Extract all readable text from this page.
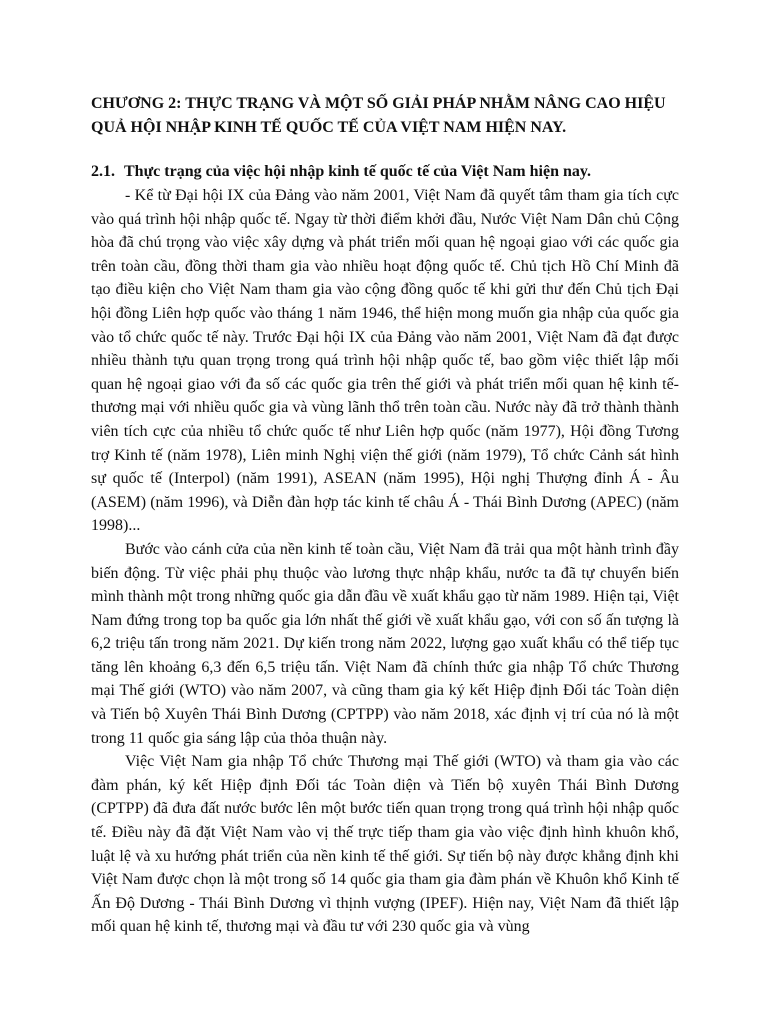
CHƯƠNG 2: THỰC TRẠNG VÀ MỘT SỐ GIẢI PHÁP NHẰM NÂNG CAO HIỆU QUẢ HỘI NHẬP KINH TẾ QUỐC TẾ CỦA VIỆT NAM HIỆN NAY.
2.1. Thực trạng của việc hội nhập kinh tế quốc tế của Việt Nam hiện nay.

- Kể từ Đại hội IX của Đảng vào năm 2001, Việt Nam đã quyết tâm tham gia tích cực vào quá trình hội nhập quốc tế. Ngay từ thời điểm khởi đầu, Nước Việt Nam Dân chủ Cộng hòa đã chú trọng vào việc xây dựng và phát triển mối quan hệ ngoại giao với các quốc gia trên toàn cầu, đồng thời tham gia vào nhiều hoạt động quốc tế. Chủ tịch Hồ Chí Minh đã tạo điều kiện cho Việt Nam tham gia vào cộng đồng quốc tế khi gửi thư đến Chủ tịch Đại hội đồng Liên hợp quốc vào tháng 1 năm 1946, thể hiện mong muốn gia nhập của quốc gia vào tổ chức quốc tế này. Trước Đại hội IX của Đảng vào năm 2001, Việt Nam đã đạt được nhiều thành tựu quan trọng trong quá trình hội nhập quốc tế, bao gồm việc thiết lập mối quan hệ ngoại giao với đa số các quốc gia trên thế giới và phát triển mối quan hệ kinh tế-thương mại với nhiều quốc gia và vùng lãnh thổ trên toàn cầu. Nước này đã trở thành thành viên tích cực của nhiều tổ chức quốc tế như Liên hợp quốc (năm 1977), Hội đồng Tương trợ Kinh tế (năm 1978), Liên minh Nghị viện thế giới (năm 1979), Tổ chức Cảnh sát hình sự quốc tế (Interpol) (năm 1991), ASEAN (năm 1995), Hội nghị Thượng đỉnh Á - Âu (ASEM) (năm 1996), và Diễn đàn hợp tác kinh tế châu Á - Thái Bình Dương (APEC) (năm 1998)...

Bước vào cánh cửa của nền kinh tế toàn cầu, Việt Nam đã trải qua một hành trình đầy biến động. Từ việc phải phụ thuộc vào lương thực nhập khẩu, nước ta đã tự chuyển biến mình thành một trong những quốc gia dẫn đầu về xuất khẩu gạo từ năm 1989. Hiện tại, Việt Nam đứng trong top ba quốc gia lớn nhất thế giới về xuất khẩu gạo, với con số ấn tượng là 6,2 triệu tấn trong năm 2021. Dự kiến trong năm 2022, lượng gạo xuất khẩu có thể tiếp tục tăng lên khoảng 6,3 đến 6,5 triệu tấn. Việt Nam đã chính thức gia nhập Tổ chức Thương mại Thế giới (WTO) vào năm 2007, và cũng tham gia ký kết Hiệp định Đối tác Toàn diện và Tiến bộ Xuyên Thái Bình Dương (CPTPP) vào năm 2018, xác định vị trí của nó là một trong 11 quốc gia sáng lập của thỏa thuận này.

Việc Việt Nam gia nhập Tổ chức Thương mại Thế giới (WTO) và tham gia vào các đàm phán, ký kết Hiệp định Đối tác Toàn diện và Tiến bộ xuyên Thái Bình Dương (CPTPP) đã đưa đất nước bước lên một bước tiến quan trọng trong quá trình hội nhập quốc tế. Điều này đã đặt Việt Nam vào vị thế trực tiếp tham gia vào việc định hình khuôn khổ, luật lệ và xu hướng phát triển của nền kinh tế thế giới. Sự tiến bộ này được khẳng định khi Việt Nam được chọn là một trong số 14 quốc gia tham gia đàm phán về Khuôn khổ Kinh tế Ấn Độ Dương - Thái Bình Dương vì thịnh vượng (IPEF). Hiện nay, Việt Nam đã thiết lập mối quan hệ kinh tế, thương mại và đầu tư với 230 quốc gia và vùng
